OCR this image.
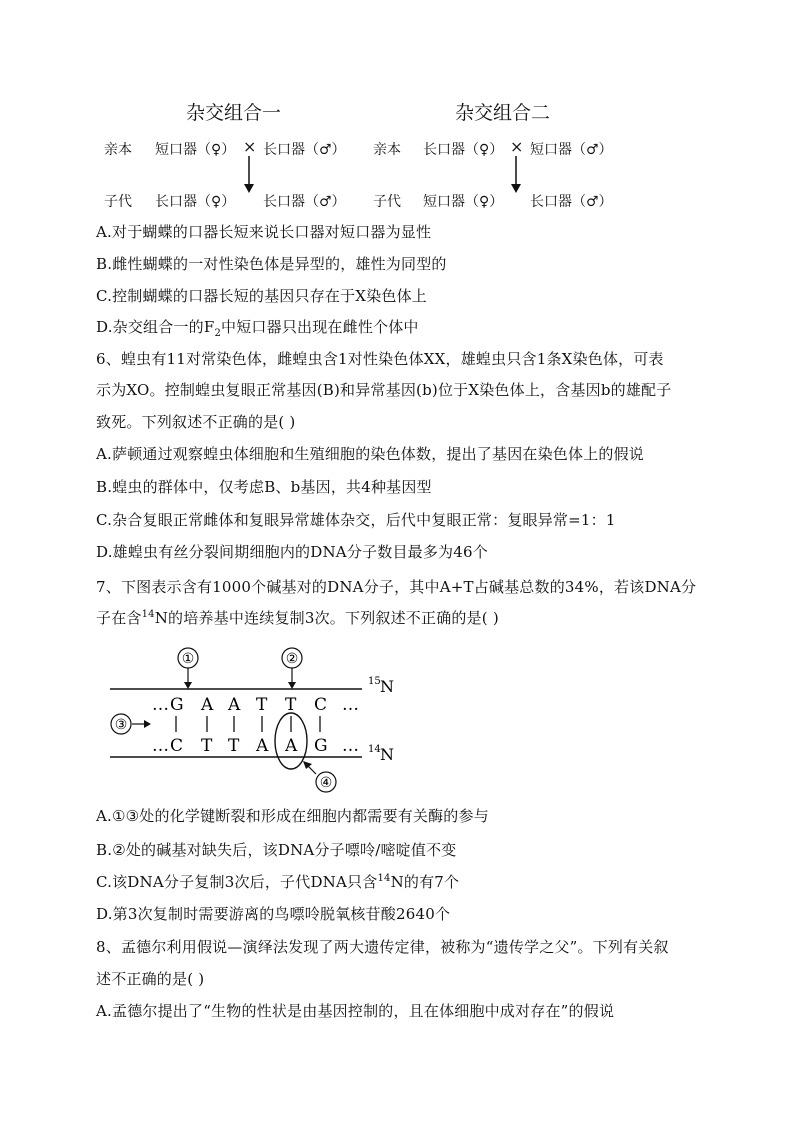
杂交组合一	杂交组合二
亲本 短口器（♀） × 长口器（♂） 亲本 长口器（♀） × 短口器（♂）
子代 长口器（♀） 长口器（♂） 子代 短口器（♀） 长口器（♂）
A.对于蝴蝶的口器长短来说长口器对短口器为显性
B.雌性蝴蝶的一对性染色体是异型的，雄性为同型的
C.控制蝴蝶的口器长短的基因只存在于X染色体上
D.杂交组合一的$F_2$中短口器只出现在雌性个体中
6、蝗虫有11对常染色体，雌蝗虫含1对性染色体XX，雄蝗虫只含1条X染色体，可表
示为XO。控制蝗虫复眼正常基因(B)和异常基因(b)位于X染色体上，含基因b的雄配子
致死。下列叙述不正确的是( )
A.萨顿通过观察蝗虫体细胞和生殖细胞的染色体数，提出了基因在染色体上的假说
B.蝗虫的群体中，仅考虑B、b基因，共4种基因型
C.杂合复眼正常雌体和复眼异常雄体杂交，后代中复眼正常：复眼异常=1：1
D.雄蝗虫有丝分裂间期细胞内的DNA分子数目最多为46个
7、下图表示含有1000个碱基对的DNA分子，其中A+T占碱基总数的34%，若该DNA分
子在含$^{14}$N的培养基中连续复制3次。下列叙述不正确的是( )
①	②
… G A A T T C …
③
… C T T A A G …
④
15 N
14 N
A.①③处的化学键断裂和形成在细胞内都需要有关酶的参与
B.②处的碱基对缺失后，该DNA分子嘌呤/嘧啶值不变
C.该DNA分子复制3次后，子代DNA只含$^{14}$N的有7个
D.第3次复制时需要游离的鸟嘌呤脱氧核苷酸2640个
8、孟德尔利用假说—演绎法发现了两大遗传定律，被称为“遗传学之父”。下列有关叙
述不正确的是( )
A.孟德尔提出了“生物的性状是由基因控制的，且在体细胞中成对存在”的假说
